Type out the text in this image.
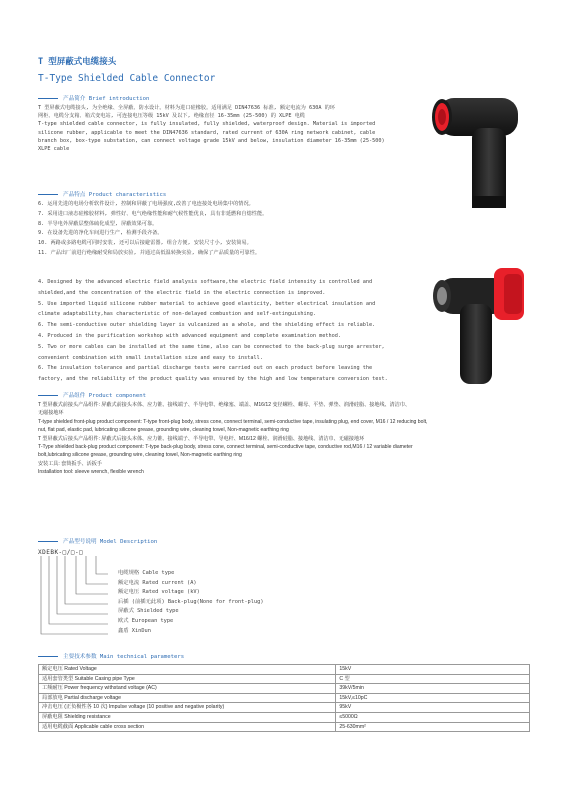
T 型屏蔽式电缆接头
T-Type Shielded Cable Connector
产品简介 Brief introduction

T 型屏蔽式电缆接头, 为全绝缘、全屏蔽、防水设计。材料为进口硅橡胶。适用满足 DIN47636 标准, 额定电流为 630A 的环

网柜、电缆分支箱、箱式变电站, 可连接电压等级 15kV 及以下, 绝缘直径 16-35mm (25-500) 的 XLPE 电缆

T-type shielded cable connector, is fully insulated, fully shielded, waterproof design. Material is imported

silicone rubber, applicable to meet the DIN47636 standard, rated current of 630A ring network cabinet, cable

branch box, box-type substation, can connect voltage grade 15kV and below, insulation diameter 16-35mm (25-500)

XLPE cable

产品特点 Product characteristics

6. 运用先进的电场分析软件设计, 控制和屏蔽了电场强度,改善了电连接处电场集中的情况。

7. 采用进口液态硅橡胶材料, 弹性好、电气绝缘性能和耐气候性能优良, 具有非延燃和自熄性能。

8. 半导电外屏蔽层整体硫化成型, 屏蔽效果可靠。

9. 在设备先进的净化车间进行生产, 检测手段齐备。

10. 两路或多路电缆可同时安装, 还可以后接避雷器, 组合方便, 安装尺寸小, 安装简易。

11. 产品出厂前进行绝缘耐受和局放实验, 并通过高低温转换实验, 确保了产品质量的可靠性。

4. Designed by the advanced electric field analysis software,the electric field intensity is controlled and

shielded,and the concentration of the electric field in the electric connection is improved.

5. Use imported liquid silicone rubber material to achieve good elasticity, better electrical insulation and

climate adaptability,has characteristic of non-delayed combustion and self-extinguishing.

6. The semi-conductive outer shielding layer is vulcanized as a whole, and the shielding effect is reliable.

4. Produced in the purification workshop with advanced equipment and complete examination method.

5. Two or more cables can be installed at the same time, also can be connected to the back-plug surge arrester,

convenient combination with small installation size and easy to install.

6. The insulation tolerance and partial discharge tests were carried out on each product before leaving the

factory, and the reliability of the product quality was ensured by the high and low temperature conversion test.

产品组件 Product component

T 型屏蔽式前接头产品组件: 屏蔽式前接头本体、应力锥、接线端子、半导电带、绝缘塞、端盖、M16/12 变径螺栓、螺母、平垫、弹垫、润滑硅脂、接地线、清洁巾、

无磁接地环

T-type shielded front-plug product component: T-type front-plug body, stress cone, connect terminal, semi-conductive tape, insulating plug, end cover, M16 / 12 reducing bolt,

nut, flat pad, elastic pad, lubricating silicone grease, grounding wire, cleaning towel, Non-magnetic earthing ring

T 型屏蔽式后接头产品组件: 屏蔽式后接头本体、应力锥、接线端子、半导电带、导电杆、M16/12 螺栓、润滑硅脂、接地线、清洁巾、无磁接地环

T-Type shielded back-plug product component: T-type back-plug body, stress cone, connect terminal, semi-conductive tape, conductive rod,M16 / 12 variable diameter

bolt,lubricating silicone grease, grounding wire, cleaning towel, Non-magnetic earthing ring

安装工具: 套筒扳手、活扳手

Installation tool: sleeve wrench, flexible wrench

产品型号说明 Model Description
XDEBK-□/□-□

电缆规格 Cable type

额定电流 Rated current (A)

额定电压 Rated voltage (kV)

后插 (前插无此项) Back-plug(None for front-plug)

屏蔽式 Shielded type

欧式 European type

鑫盾 XinDun

主要技术参数 Main technical parameters
额定电压 Rated Voltage	15kV
适用套管类型 Suitable Casing pipe Type	C 型
工频耐压 Power frequency withstand voltage (AC)	39kV/5min
局部放电 Partial discharge voltage	15kV,≤10pC
冲击电压 (正负极性各 10 次) Impulse voltage (10 positive and negative polarity)	95kV
屏蔽电阻 Shielding resistance	≤5000Ω
适用电缆截面 Applicable cable cross section	25-630mm²
